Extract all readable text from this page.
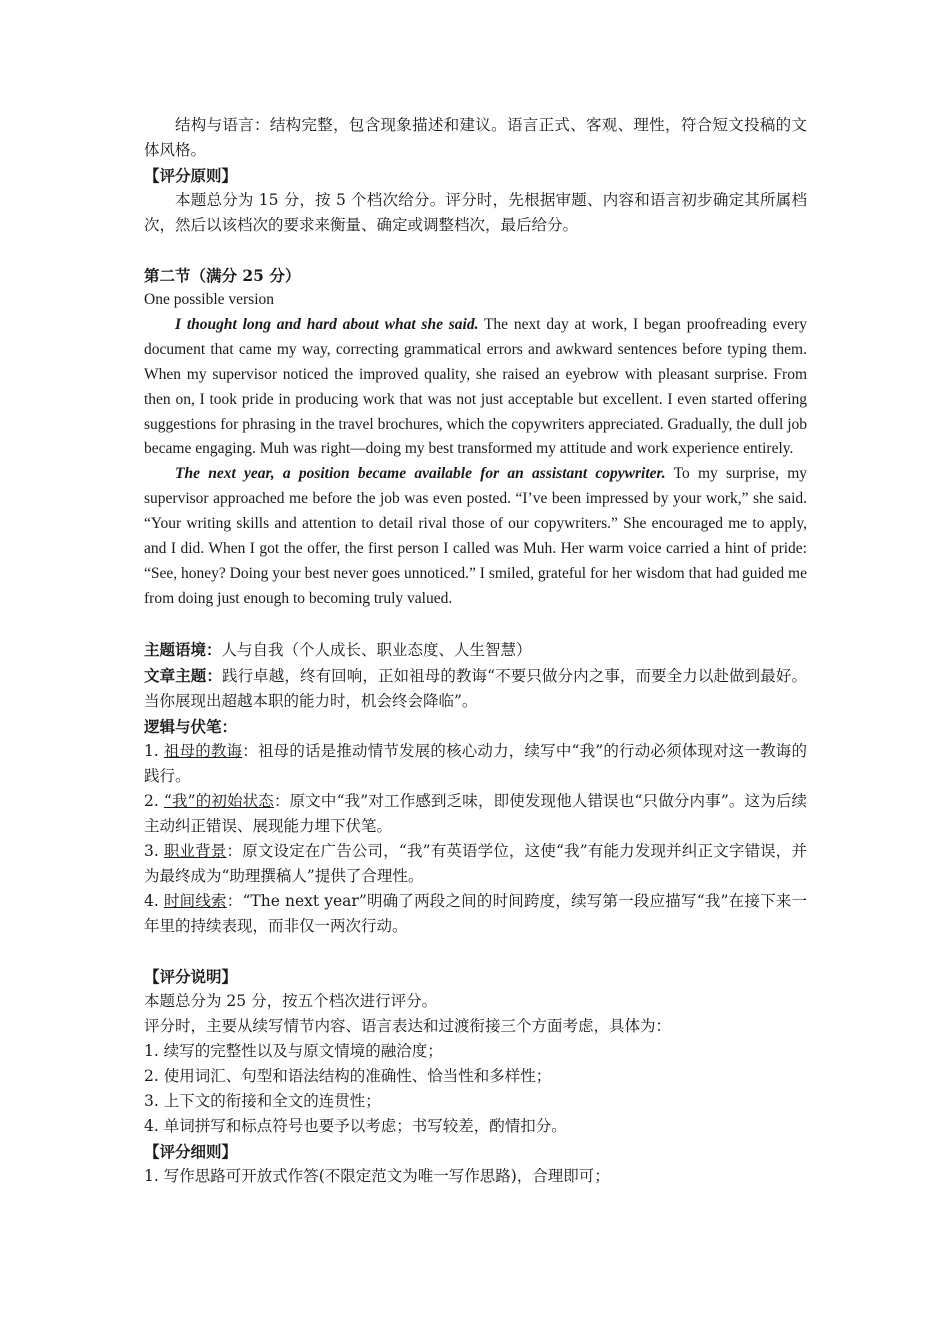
结构与语言：结构完整，包含现象描述和建议。语言正式、客观、理性，符合短文投稿的文体风格。

【评分原则】

本题总分为 15 分，按 5 个档次给分。评分时，先根据审题、内容和语言初步确定其所属档次，然后以该档次的要求来衡量、确定或调整档次，最后给分。

第二节（满分 25 分）

One possible version

I thought long and hard about what she said. The next day at work, I began proofreading every document that came my way, correcting grammatical errors and awkward sentences before typing them. When my supervisor noticed the improved quality, she raised an eyebrow with pleasant surprise. From then on, I took pride in producing work that was not just acceptable but excellent. I even started offering suggestions for phrasing in the travel brochures, which the copywriters appreciated. Gradually, the dull job became engaging. Muh was right—doing my best transformed my attitude and work experience entirely.

The next year, a position became available for an assistant copywriter. To my surprise, my supervisor approached me before the job was even posted. “I’ve been impressed by your work,” she said. “Your writing skills and attention to detail rival those of our copywriters.” She encouraged me to apply, and I did. When I got the offer, the first person I called was Muh. Her warm voice carried a hint of pride: “See, honey? Doing your best never goes unnoticed.” I smiled, grateful for her wisdom that had guided me from doing just enough to becoming truly valued.

主题语境：人与自我（个人成长、职业态度、人生智慧）

文章主题：践行卓越，终有回响，正如祖母的教诲“不要只做分内之事，而要全力以赴做到最好。当你展现出超越本职的能力时，机会终会降临”。

逻辑与伏笔：

1. 祖母的教诲：祖母的话是推动情节发展的核心动力，续写中“我”的行动必须体现对这一教诲的践行。

2. “我”的初始状态：原文中“我”对工作感到乏味，即使发现他人错误也“只做分内事”。这为后续主动纠正错误、展现能力埋下伏笔。

3. 职业背景：原文设定在广告公司，“我”有英语学位，这使“我”有能力发现并纠正文字错误，并为最终成为“助理撰稿人”提供了合理性。

4. 时间线索：“The next year”明确了两段之间的时间跨度，续写第一段应描写“我”在接下来一年里的持续表现，而非仅一两次行动。

【评分说明】

本题总分为 25 分，按五个档次进行评分。

评分时，主要从续写情节内容、语言表达和过渡衔接三个方面考虑，具体为：

1. 续写的完整性以及与原文情境的融洽度；

2. 使用词汇、句型和语法结构的准确性、恰当性和多样性；

3. 上下文的衔接和全文的连贯性；

4. 单词拼写和标点符号也要予以考虑；书写较差，酌情扣分。

【评分细则】

1. 写作思路可开放式作答(不限定范文为唯一写作思路)，合理即可；
